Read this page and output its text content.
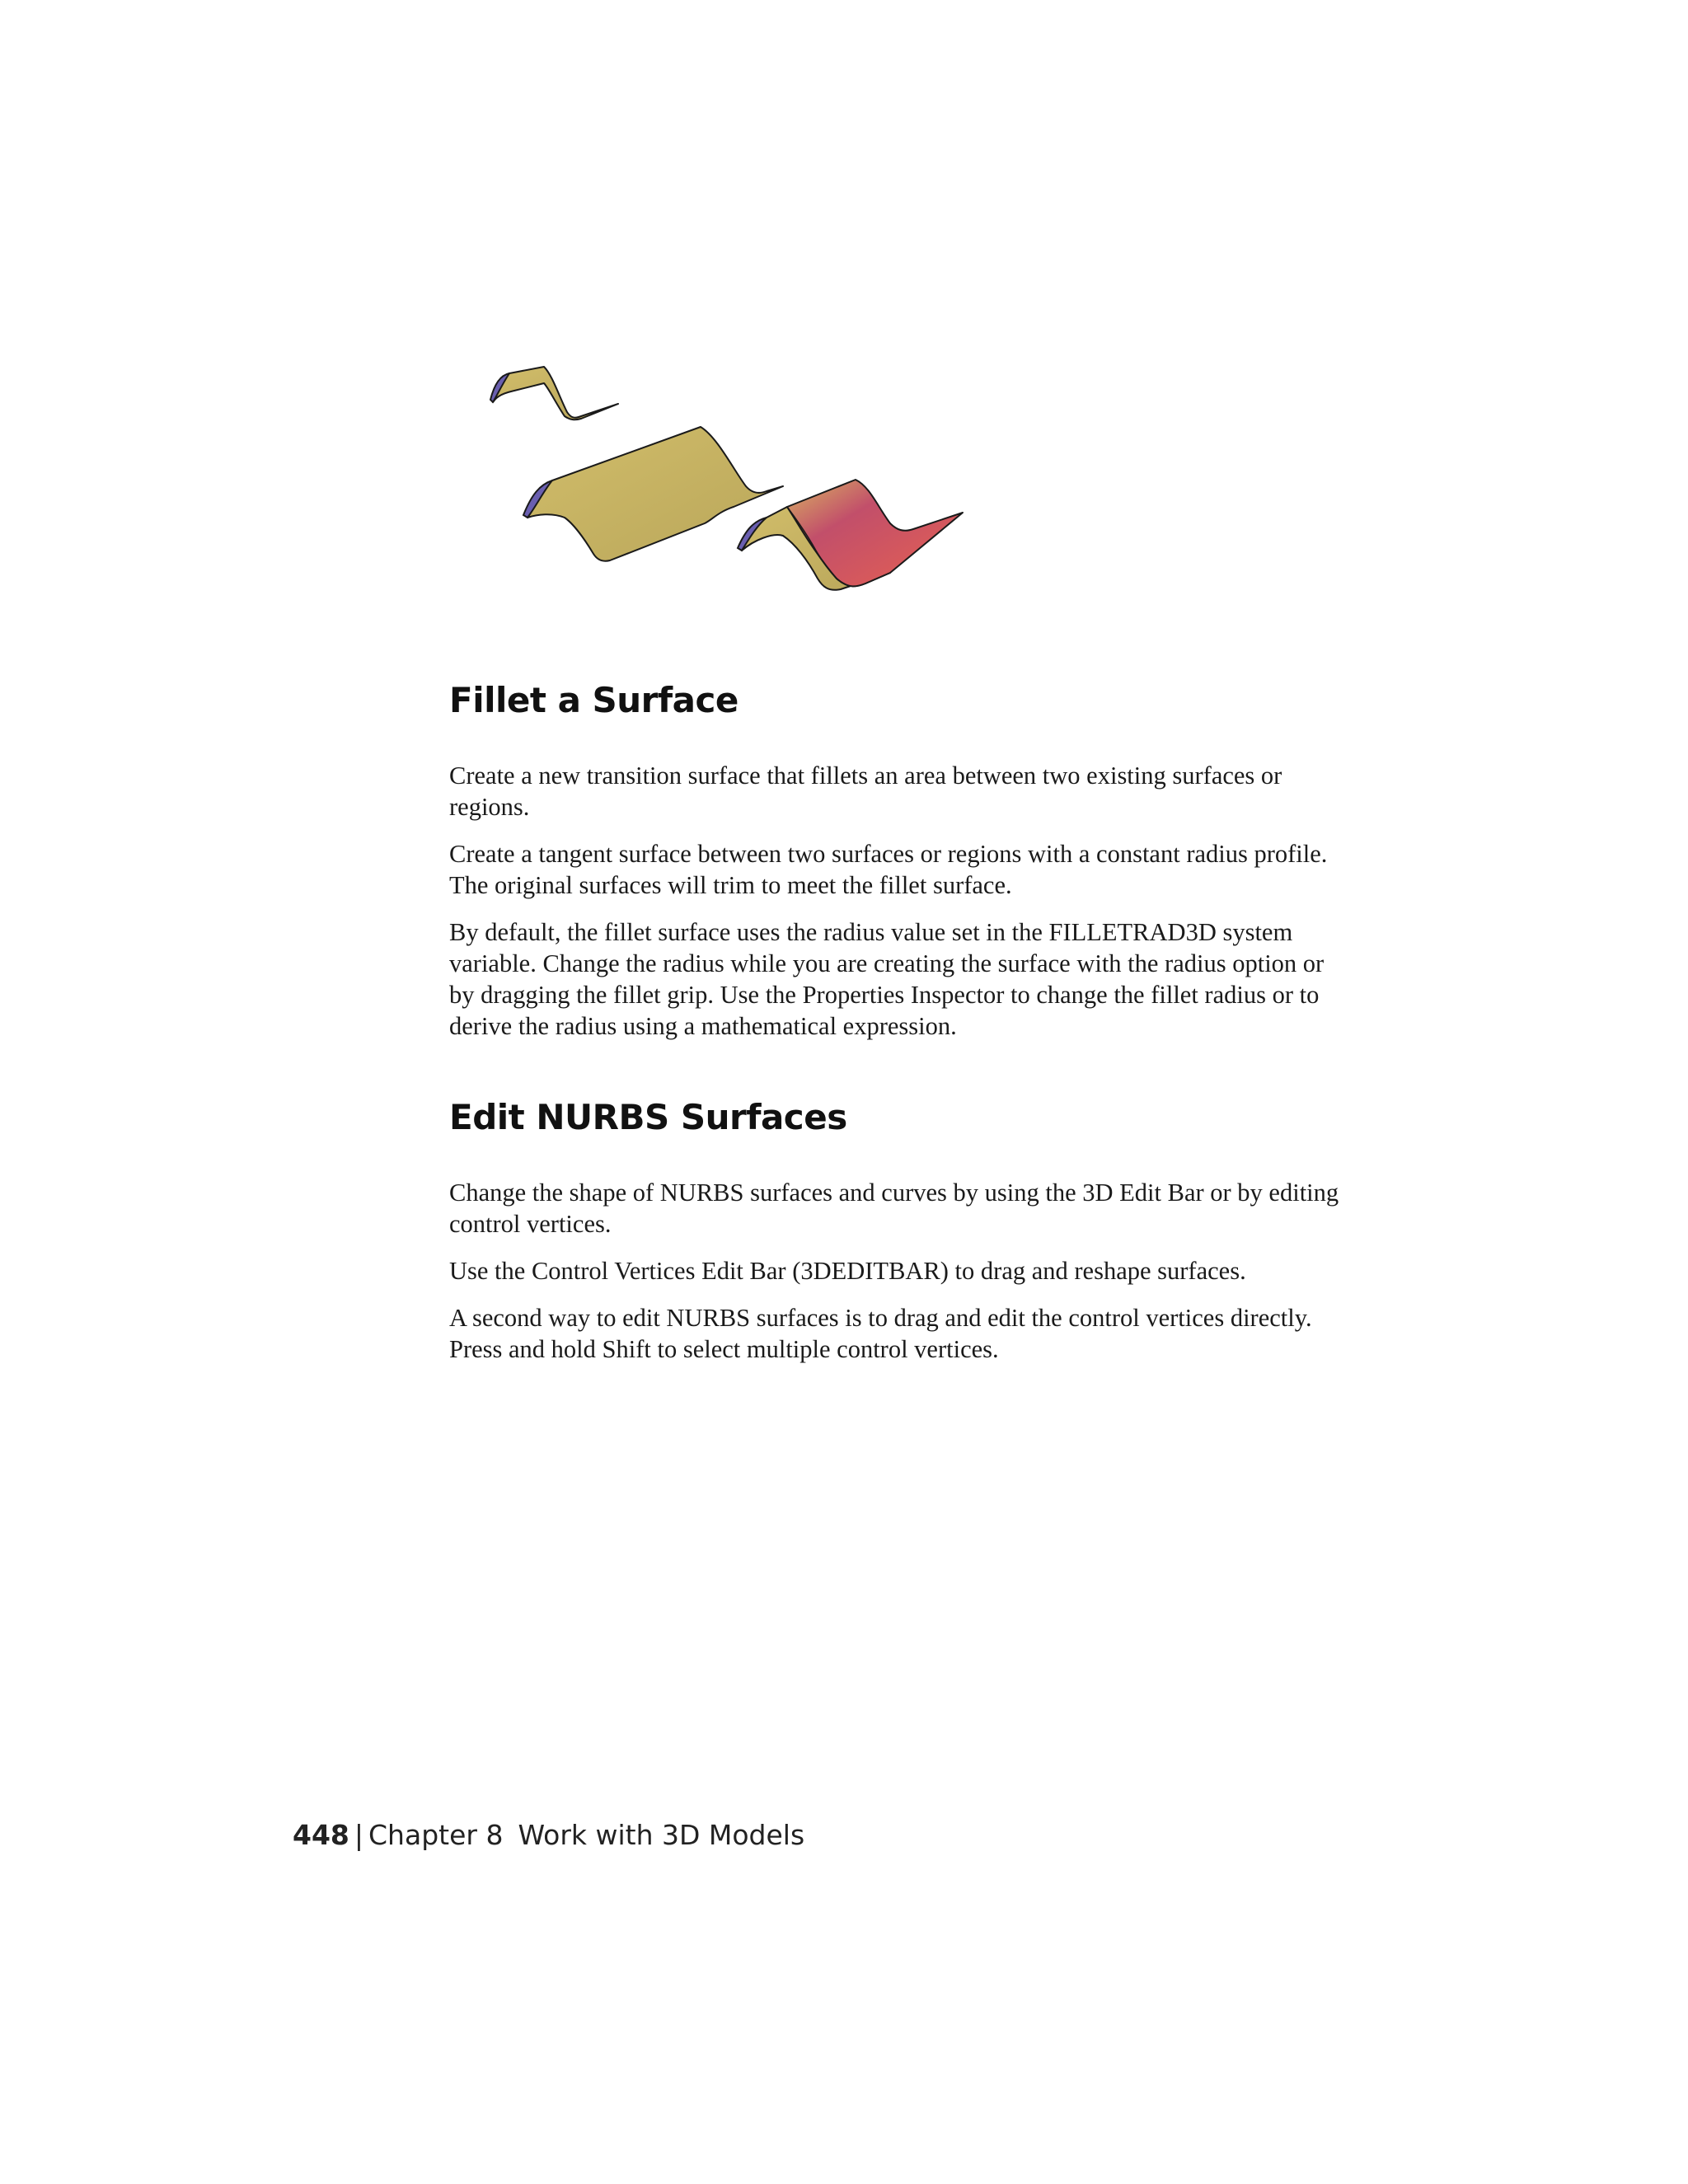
Fillet a Surface

Create a new transition surface that fillets an area between two existing surfaces or regions.

Create a tangent surface between two surfaces or regions with a constant radius profile. The original surfaces will trim to meet the fillet surface.

By default, the fillet surface uses the radius value set in the FILLETRAD3D system variable. Change the radius while you are creating the surface with the radius option or by dragging the fillet grip. Use the Properties Inspector to change the fillet radius or to derive the radius using a mathematical expression.

Edit NURBS Surfaces

Change the shape of NURBS surfaces and curves by using the 3D Edit Bar or by editing control vertices.

Use the Control Vertices Edit Bar (3DEDITBAR) to drag and reshape surfaces.

A second way to edit NURBS surfaces is to drag and edit the control vertices directly. Press and hold Shift to select multiple control vertices.

448 | Chapter 8 Work with 3D Models
